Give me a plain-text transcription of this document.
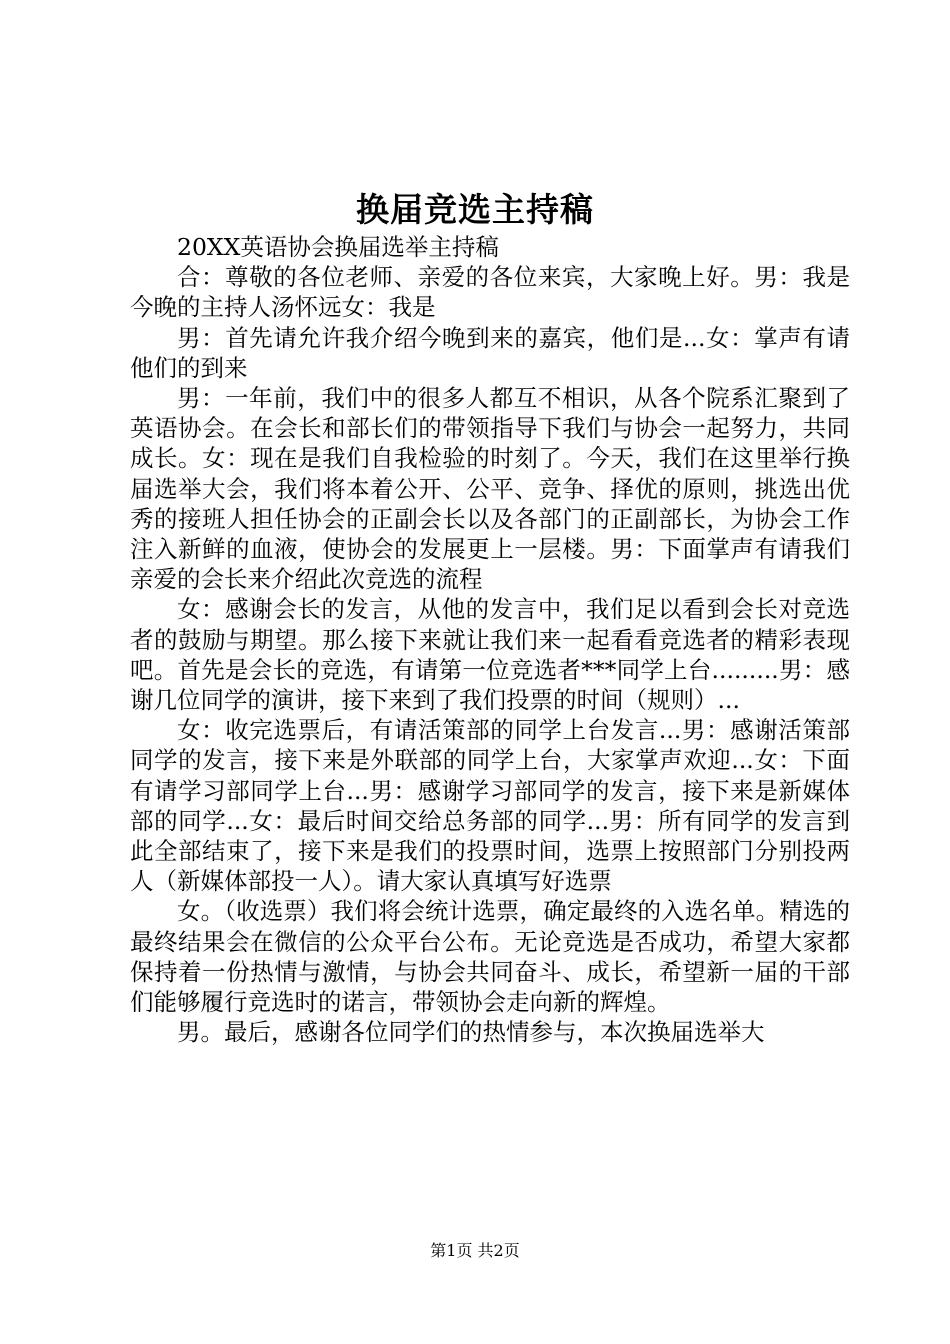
换届竞选主持稿

20XX英语协会换届选举主持稿

合：尊敬的各位老师、亲爱的各位来宾，大家晚上好。男：我是今晚的主持人汤怀远女：我是

男：首先请允许我介绍今晚到来的嘉宾，他们是...女：掌声有请他们的到来

男：一年前，我们中的很多人都互不相识，从各个院系汇聚到了英语协会。在会长和部长们的带领指导下我们与协会一起努力，共同成长。女：现在是我们自我检验的时刻了。今天，我们在这里举行换届选举大会，我们将本着公开、公平、竞争、择优的原则，挑选出优秀的接班人担任协会的正副会长以及各部门的正副部长，为协会工作注入新鲜的血液，使协会的发展更上一层楼。男：下面掌声有请我们亲爱的会长来介绍此次竞选的流程

女：感谢会长的发言，从他的发言中，我们足以看到会长对竞选者的鼓励与期望。那么接下来就让我们来一起看看竞选者的精彩表现吧。首先是会长的竞选，有请第一位竞选者***同学上台.........男：感谢几位同学的演讲，接下来到了我们投票的时间（规则）...

女：收完选票后，有请活策部的同学上台发言...男：感谢活策部同学的发言，接下来是外联部的同学上台，大家掌声欢迎...女：下面有请学习部同学上台...男：感谢学习部同学的发言，接下来是新媒体部的同学...女：最后时间交给总务部的同学...男：所有同学的发言到此全部结束了，接下来是我们的投票时间，选票上按照部门分别投两人（新媒体部投一人）。请大家认真填写好选票

女。（收选票）我们将会统计选票，确定最终的入选名单。精选的最终结果会在微信的公众平台公布。无论竞选是否成功，希望大家都保持着一份热情与激情，与协会共同奋斗、成长，希望新一届的干部们能够履行竞选时的诺言，带领协会走向新的辉煌。

男。最后，感谢各位同学们的热情参与，本次换届选举大

第1页 共2页
